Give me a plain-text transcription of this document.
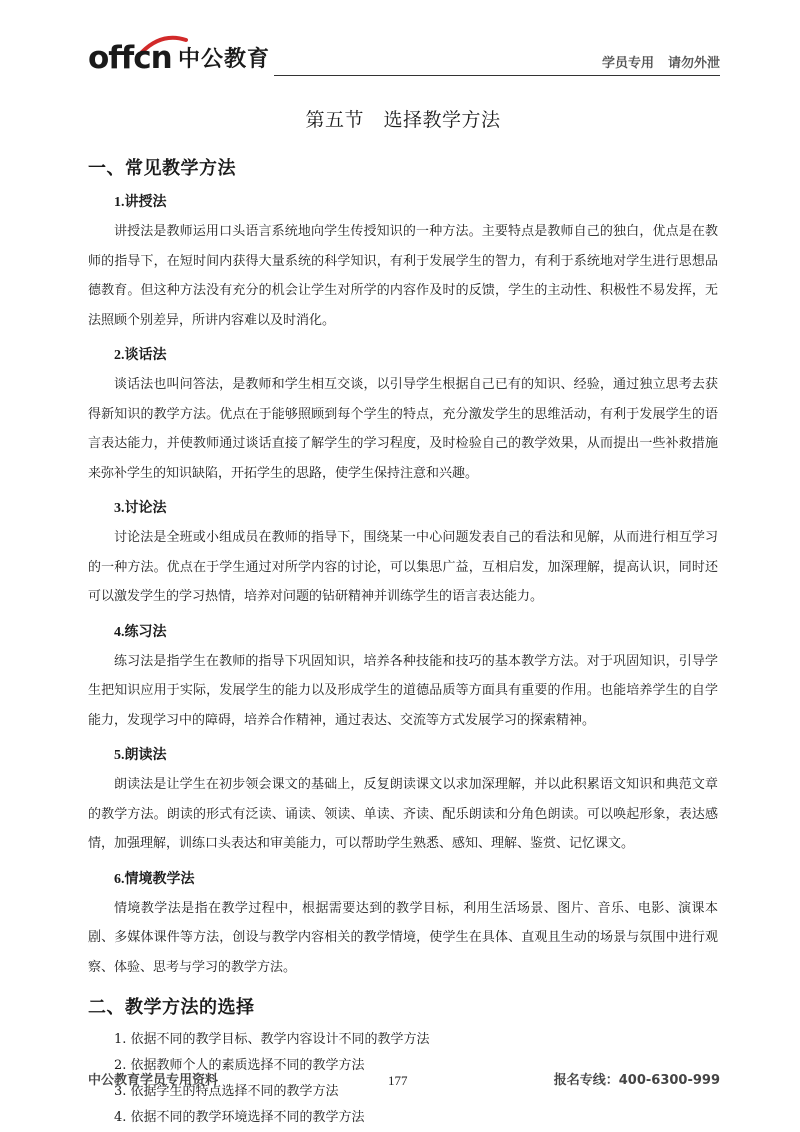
offcn 中公教育	学员专用 请勿外泄
第五节　选择教学方法
一、常见教学方法
1.讲授法

讲授法是教师运用口头语言系统地向学生传授知识的一种方法。主要特点是教师自己的独白，优点是在教师的指导下，在短时间内获得大量系统的科学知识，有利于发展学生的智力，有利于系统地对学生进行思想品德教育。但这种方法没有充分的机会让学生对所学的内容作及时的反馈，学生的主动性、积极性不易发挥，无法照顾个别差异，所讲内容难以及时消化。

2.谈话法

谈话法也叫问答法，是教师和学生相互交谈，以引导学生根据自己已有的知识、经验，通过独立思考去获得新知识的教学方法。优点在于能够照顾到每个学生的特点，充分激发学生的思维活动，有利于发展学生的语言表达能力，并使教师通过谈话直接了解学生的学习程度，及时检验自己的教学效果，从而提出一些补救措施来弥补学生的知识缺陷，开拓学生的思路，使学生保持注意和兴趣。

3.讨论法

讨论法是全班或小组成员在教师的指导下，围绕某一中心问题发表自己的看法和见解，从而进行相互学习的一种方法。优点在于学生通过对所学内容的讨论，可以集思广益，互相启发，加深理解，提高认识，同时还可以激发学生的学习热情，培养对问题的钻研精神并训练学生的语言表达能力。

4.练习法

练习法是指学生在教师的指导下巩固知识，培养各种技能和技巧的基本教学方法。对于巩固知识，引导学生把知识应用于实际，发展学生的能力以及形成学生的道德品质等方面具有重要的作用。也能培养学生的自学能力，发现学习中的障碍，培养合作精神，通过表达、交流等方式发展学习的探索精神。

5.朗读法

朗读法是让学生在初步领会课文的基础上，反复朗读课文以求加深理解，并以此积累语文知识和典范文章的教学方法。朗读的形式有泛读、诵读、领读、单读、齐读、配乐朗读和分角色朗读。可以唤起形象，表达感情，加强理解，训练口头表达和审美能力，可以帮助学生熟悉、感知、理解、鉴赏、记忆课文。

6.情境教学法

情境教学法是指在教学过程中，根据需要达到的教学目标，利用生活场景、图片、音乐、电影、演课本剧、多媒体课件等方法，创设与教学内容相关的教学情境，使学生在具体、直观且生动的场景与氛围中进行观察、体验、思考与学习的教学方法。

二、教学方法的选择
1. 依据不同的教学目标、教学内容设计不同的教学方法
2. 依据教师个人的素质选择不同的教学方法
3. 依据学生的特点选择不同的教学方法
4. 依据不同的教学环境选择不同的教学方法
中公教育学员专用资料	177	报名专线：400-6300-999
